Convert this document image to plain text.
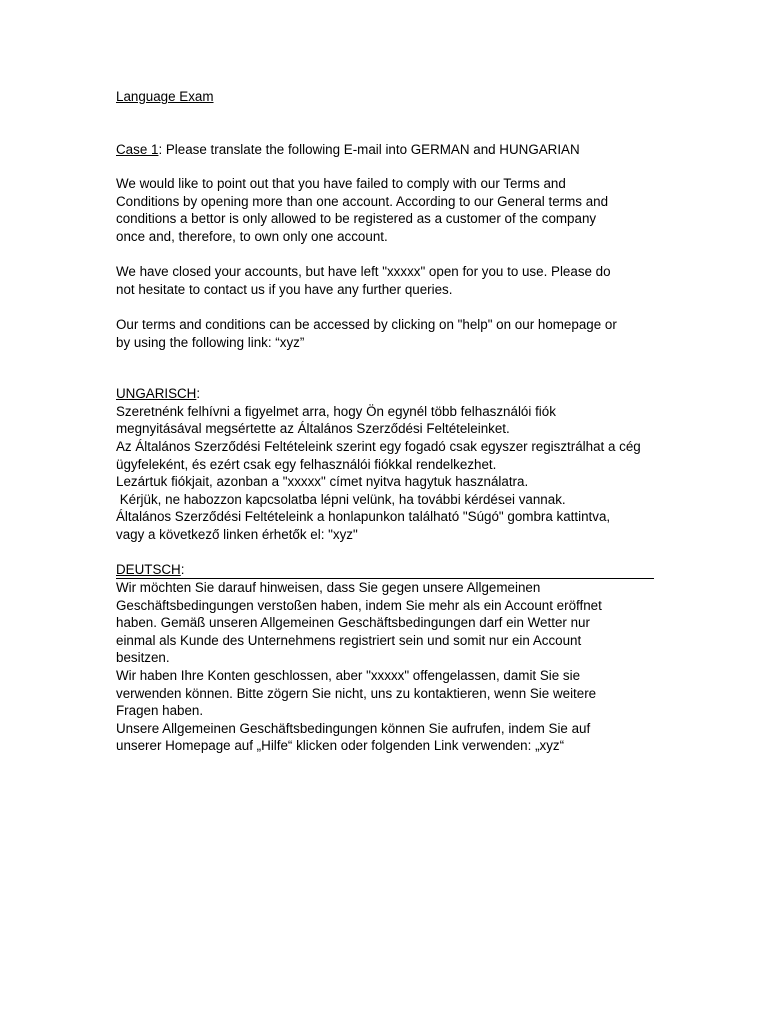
Language Exam
Case 1: Please translate the following E-mail into GERMAN and HUNGARIAN
We would like to point out that you have failed to comply with our Terms and
Conditions by opening more than one account. According to our General terms and
conditions a bettor is only allowed to be registered as a customer of the company
once and, therefore, to own only one account.
We have closed your accounts, but have left "xxxxx" open for you to use. Please do
not hesitate to contact us if you have any further queries.
Our terms and conditions can be accessed by clicking on "help" on our homepage or
by using the following link: “xyz”
UNGARISCH:
Szeretnénk felhívni a figyelmet arra, hogy Ön egynél több felhasználói fiók
megnyitásával megsértette az Általános Szerződési Feltételeinket.
Az Általános Szerződési Feltételeink szerint egy fogadó csak egyszer regisztrálhat a cég
ügyfeleként, és ezért csak egy felhasználói fiókkal rendelkezhet.
Lezártuk fiókjait, azonban a "xxxxx" címet nyitva hagytuk használatra.
Kérjük, ne habozzon kapcsolatba lépni velünk, ha további kérdései vannak.
Általános Szerződési Feltételeink a honlapunkon található "Súgó" gombra kattintva,
vagy a következő linken érhetők el: "xyz"
DEUTSCH:
Wir möchten Sie darauf hinweisen, dass Sie gegen unsere Allgemeinen
Geschäftsbedingungen verstoßen haben, indem Sie mehr als ein Account eröffnet
haben. Gemäß unseren Allgemeinen Geschäftsbedingungen darf ein Wetter nur
einmal als Kunde des Unternehmens registriert sein und somit nur ein Account
besitzen.
Wir haben Ihre Konten geschlossen, aber "xxxxx" offengelassen, damit Sie sie
verwenden können. Bitte zögern Sie nicht, uns zu kontaktieren, wenn Sie weitere
Fragen haben.
Unsere Allgemeinen Geschäftsbedingungen können Sie aufrufen, indem Sie auf
unserer Homepage auf „Hilfe“ klicken oder folgenden Link verwenden: „xyz“
